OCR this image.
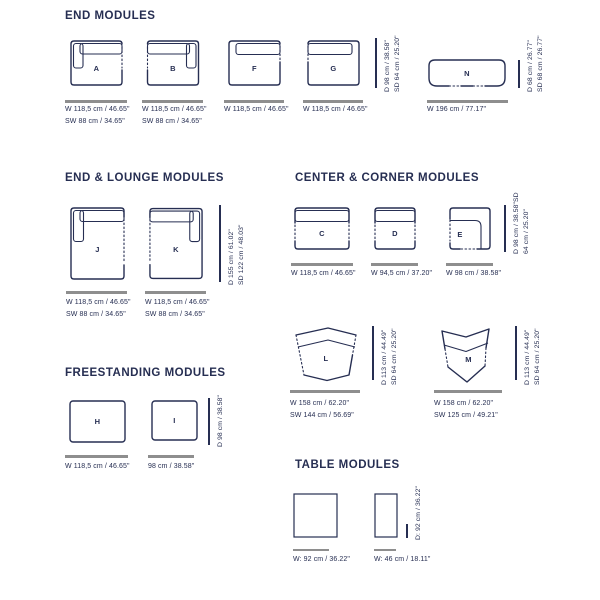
END MODULES
A	B	F	G	D 98 cm / 38.58" SD 64 cm / 25.20"	N	D 68 cm / 26.77" SD 68 cm / 26.77"
W 118,5 cm / 46.65"
SW 88 cm / 34.65"
W 118,5 cm / 46.65"
SW 88 cm / 34.65"
W 118,5 cm / 46.65" W 118,5 cm / 46.65"	W 196 cm / 77.17"
END & LOUNGE MODULES
J	K	D 155 cm / 61.02" SD 122 cm / 48.03"
W 118,5 cm / 46.65"
SW 88 cm / 34.65"
W 118,5 cm / 46.65"
SW 88 cm / 34.65"
CENTER & CORNER MODULES
C	D	E	D 98 cm / 38.58"SD 64 cm / 25.20"
W 118,5 cm / 46.65" W 94,5 cm / 37.20" W 98 cm / 38.58"
L	D 113 cm / 44.49" SD 64 cm / 25.20"	M	D 113 cm / 44.49" SD 64 cm / 25.20"
W 158 cm / 62.20"
SW 144 cm / 56.69"
W 158 cm / 62.20"
SW 125 cm / 49.21"
FREESTANDING MODULES
H	I	D 98 cm / 38.58"
W 118,5 cm / 46.65"	98 cm / 38.58"	TABLE MODULES
D: 92 cm / 36.22"
W: 92 cm / 36.22"	W: 46 cm / 18.11"
